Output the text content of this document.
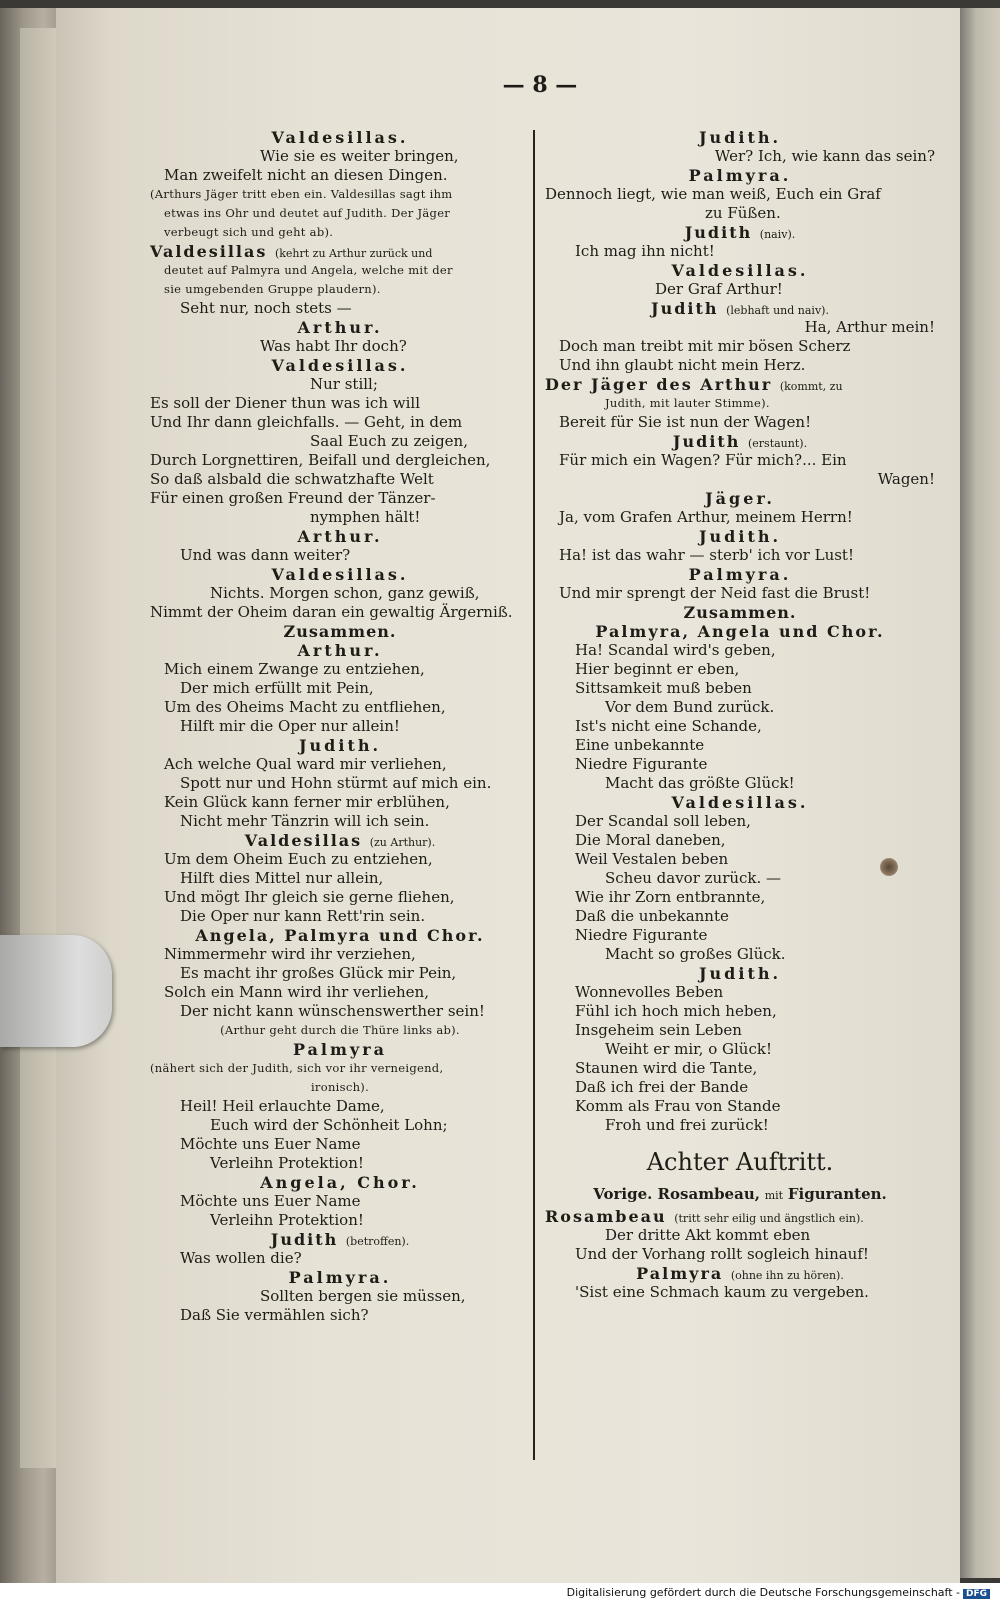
— 8 —
Valdesillas.
Wie sie es weiter bringen,
Man zweifelt nicht an diesen Dingen.
(Arthurs Jäger tritt eben ein. Valdesillas sagt ihm
etwas ins Ohr und deutet auf Judith. Der Jäger
verbeugt sich und geht ab).
Valdesillas (kehrt zu Arthur zurück und
deutet auf Palmyra und Angela, welche mit der
sie umgebenden Gruppe plaudern).
Seht nur, noch stets —
Arthur.
Was habt Ihr doch?
Valdesillas.
Nur still;
Es soll der Diener thun was ich will
Und Ihr dann gleichfalls. — Geht, in dem
Saal Euch zu zeigen,
Durch Lorgnettiren, Beifall und dergleichen,
So daß alsbald die schwatzhafte Welt
Für einen großen Freund der Tänzer-
nymphen hält!
Arthur.
Und was dann weiter?
Valdesillas.
Nichts. Morgen schon, ganz gewiß,
Nimmt der Oheim daran ein gewaltig Ärgerniß.
Zusammen.
Arthur.
Mich einem Zwange zu entziehen,
Der mich erfüllt mit Pein,
Um des Oheims Macht zu entfliehen,
Hilft mir die Oper nur allein!
Judith.
Ach welche Qual ward mir verliehen,
Spott nur und Hohn stürmt auf mich ein.
Kein Glück kann ferner mir erblühen,
Nicht mehr Tänzrin will ich sein.
Valdesillas (zu Arthur).
Um dem Oheim Euch zu entziehen,
Hilft dies Mittel nur allein,
Und mögt Ihr gleich sie gerne fliehen,
Die Oper nur kann Rett'rin sein.
Angela, Palmyra und Chor.
Nimmermehr wird ihr verziehen,
Es macht ihr großes Glück mir Pein,
Solch ein Mann wird ihr verliehen,
Der nicht kann wünschenswerther sein!
(Arthur geht durch die Thüre links ab).
Palmyra
(nähert sich der Judith, sich vor ihr verneigend,
ironisch).
Heil! Heil erlauchte Dame,
Euch wird der Schönheit Lohn;
Möchte uns Euer Name
Verleihn Protektion!
Angela, Chor.
Möchte uns Euer Name
Verleihn Protektion!
Judith (betroffen).
Was wollen die?
Palmyra.
Sollten bergen sie müssen,
Daß Sie vermählen sich?
Judith.
Wer? Ich, wie kann das sein?
Palmyra.
Dennoch liegt, wie man weiß, Euch ein Graf
zu Füßen.
Judith (naiv).
Ich mag ihn nicht!
Valdesillas.
Der Graf Arthur!
Judith (lebhaft und naiv).
Ha, Arthur mein!
Doch man treibt mit mir bösen Scherz
Und ihn glaubt nicht mein Herz.
Der Jäger des Arthur (kommt, zu
Judith, mit lauter Stimme).
Bereit für Sie ist nun der Wagen!
Judith (erstaunt).
Für mich ein Wagen? Für mich?... Ein
Wagen!
Jäger.
Ja, vom Grafen Arthur, meinem Herrn!
Judith.
Ha! ist das wahr — sterb' ich vor Lust!
Palmyra.
Und mir sprengt der Neid fast die Brust!
Zusammen.
Palmyra, Angela und Chor.
Ha! Scandal wird's geben,
Hier beginnt er eben,
Sittsamkeit muß beben
Vor dem Bund zurück.
Ist's nicht eine Schande,
Eine unbekannte
Niedre Figurante
Macht das größte Glück!
Valdesillas.
Der Scandal soll leben,
Die Moral daneben,
Weil Vestalen beben
Scheu davor zurück. —
Wie ihr Zorn entbrannte,
Daß die unbekannte
Niedre Figurante
Macht so großes Glück.
Judith.
Wonnevolles Beben
Fühl ich hoch mich heben,
Insgeheim sein Leben
Weiht er mir, o Glück!
Staunen wird die Tante,
Daß ich frei der Bande
Komm als Frau von Stande
Froh und frei zurück!
Achter Auftritt.
Vorige. Rosambeau, mit Figuranten.
Rosambeau (tritt sehr eilig und ängstlich ein).
Der dritte Akt kommt eben
Und der Vorhang rollt sogleich hinauf!
Palmyra (ohne ihn zu hören).
'Sist eine Schmach kaum zu vergeben.
Digitalisierung gefördert durch die Deutsche Forschungsgemeinschaft - DFG
